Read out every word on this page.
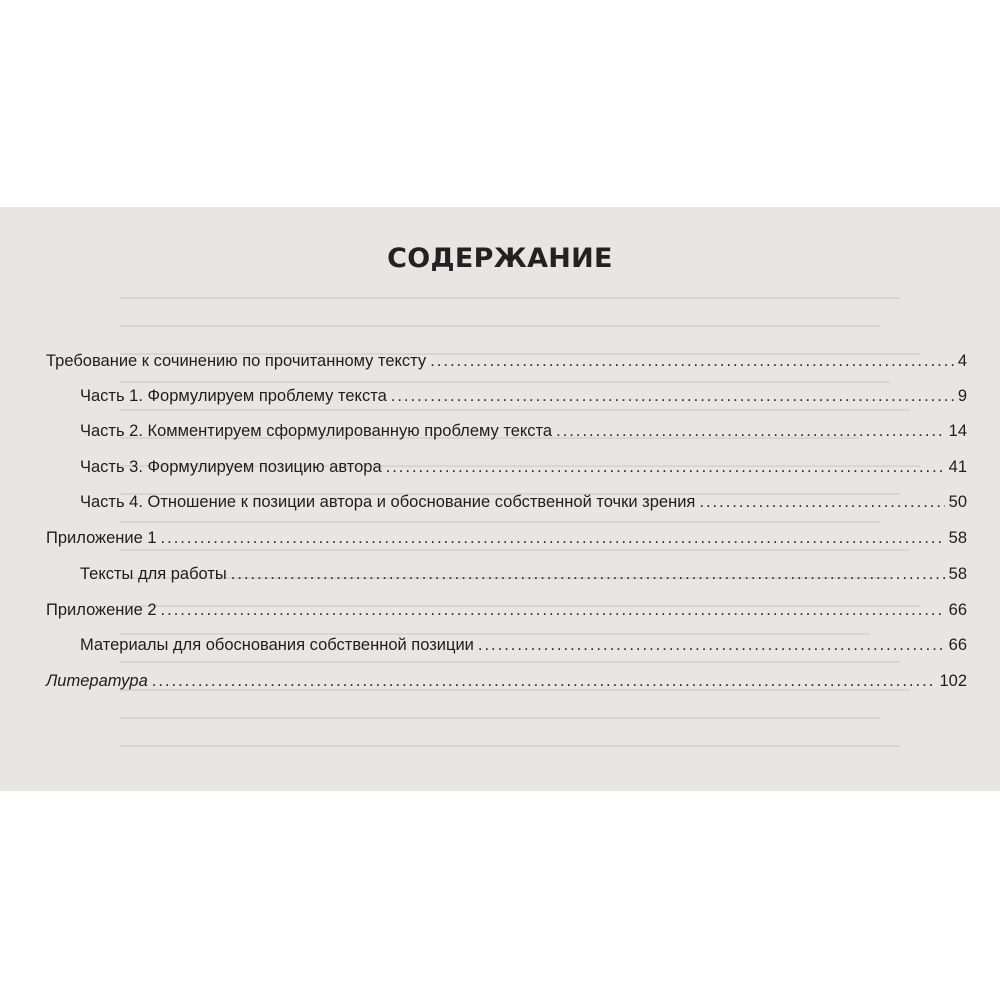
СОДЕРЖАНИЕ
Требование к сочинению по прочитанному тексту .....	4
Часть 1. Формулируем проблему текста .....	9
Часть 2. Комментируем сформулированную проблему текста .....	14
Часть 3. Формулируем позицию автора .....	41
Часть 4. Отношение к позиции автора и обоснование собственной точки зрения .....	50
Приложение 1 .....	58
Тексты для работы .....	58
Приложение 2 .....	66
Материалы для обоснования собственной позиции .....	66
Литература .....	102
